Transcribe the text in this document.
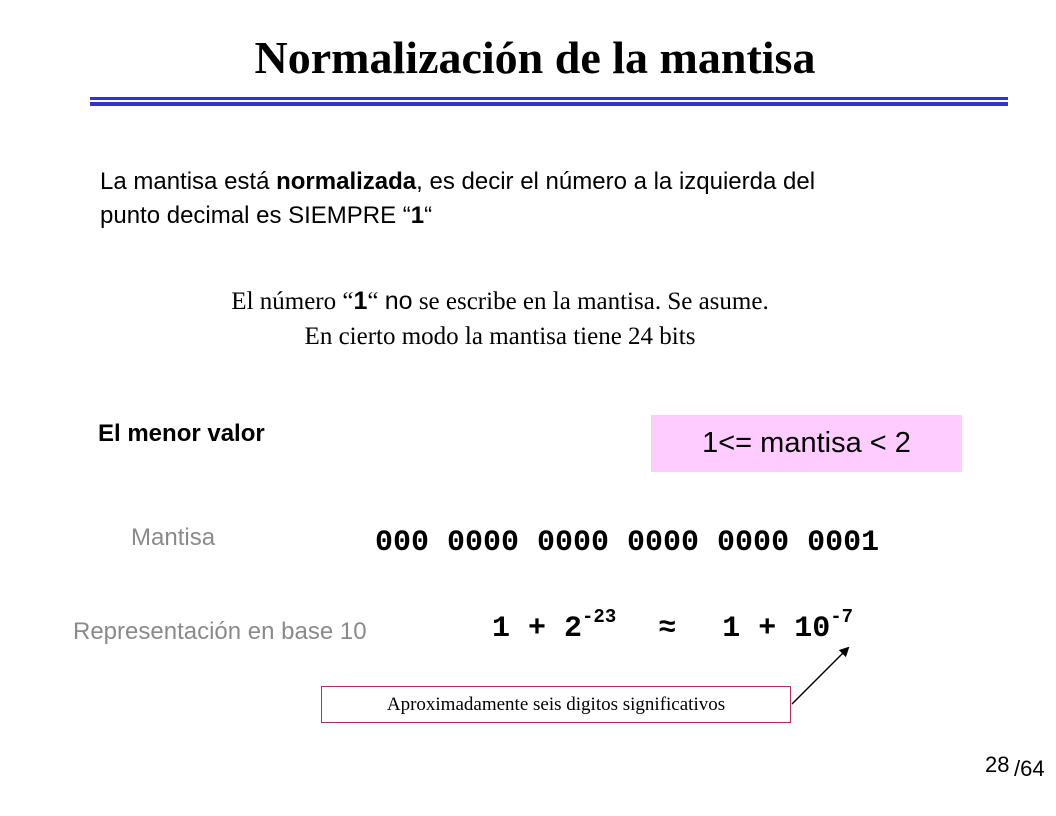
Normalización de la mantisa
La mantisa está normalizada, es decir el número a la izquierda del punto decimal es SIEMPRE “1“
El número “1“ no se escribe en la mantisa. Se asume.
En cierto modo la mantisa tiene 24 bits
El menor valor	1<= mantisa < 2
Mantisa	000 0000 0000 0000 0000 0001
Representación en base 10	$1 + 2^{-23} \approx 1 + 10^{-7}$
Aproximadamente seis digitos significativos
28 /64
